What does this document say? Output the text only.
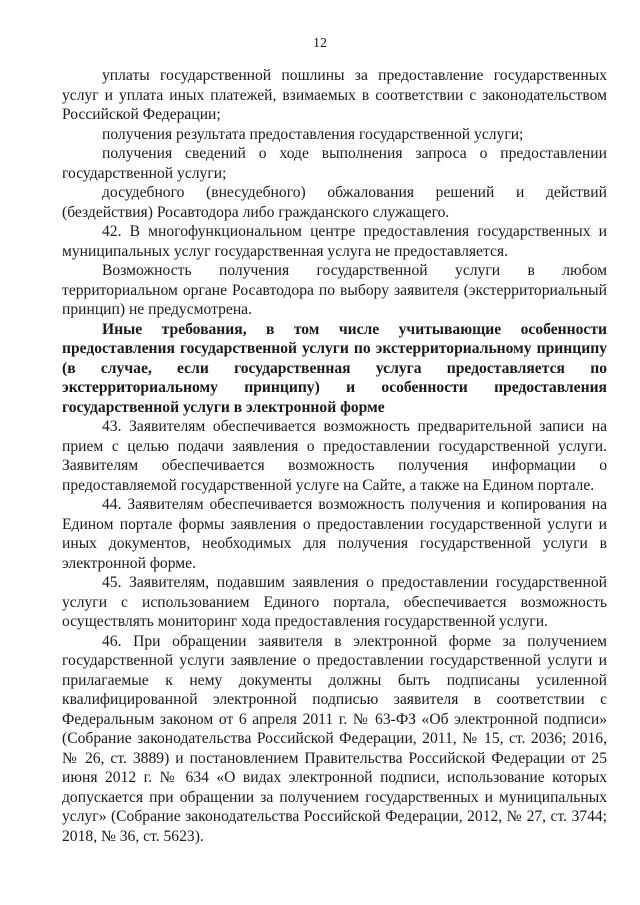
12

уплаты государственной пошлины за предоставление государственных услуг и уплата иных платежей, взимаемых в соответствии с законодательством Российской Федерации;

получения результата предоставления государственной услуги;

получения сведений о ходе выполнения запроса о предоставлении государственной услуги;

досудебного (внесудебного) обжалования решений и действий (бездействия) Росавтодора либо гражданского служащего.

42. В многофункциональном центре предоставления государственных и муниципальных услуг государственная услуга не предоставляется.

Возможность получения государственной услуги в любом территориальном органе Росавтодора по выбору заявителя (экстерриториальный принцип) не предусмотрена.

Иные требования, в том числе учитывающие особенности предоставления государственной услуги по экстерриториальному принципу (в случае, если государственная услуга предоставляется по экстерриториальному принципу) и особенности предоставления государственной услуги в электронной форме

43. Заявителям обеспечивается возможность предварительной записи на прием с целью подачи заявления о предоставлении государственной услуги. Заявителям обеспечивается возможность получения информации о предоставляемой государственной услуге на Сайте, а также на Едином портале.

44. Заявителям обеспечивается возможность получения и копирования на Едином портале формы заявления о предоставлении государственной услуги и иных документов, необходимых для получения государственной услуги в электронной форме.

45. Заявителям, подавшим заявления о предоставлении государственной услуги с использованием Единого портала, обеспечивается возможность осуществлять мониторинг хода предоставления государственной услуги.

46. При обращении заявителя в электронной форме за получением государственной услуги заявление о предоставлении государственной услуги и прилагаемые к нему документы должны быть подписаны усиленной квалифицированной электронной подписью заявителя в соответствии с Федеральным законом от 6 апреля 2011 г. № 63-ФЗ «Об электронной подписи» (Собрание законодательства Российской Федерации, 2011, № 15, ст. 2036; 2016, № 26, ст. 3889) и постановлением Правительства Российской Федерации от 25 июня 2012 г. № 634 «О видах электронной подписи, использование которых допускается при обращении за получением государственных и муниципальных услуг» (Собрание законодательства Российской Федерации, 2012, № 27, ст. 3744; 2018, № 36, ст. 5623).
